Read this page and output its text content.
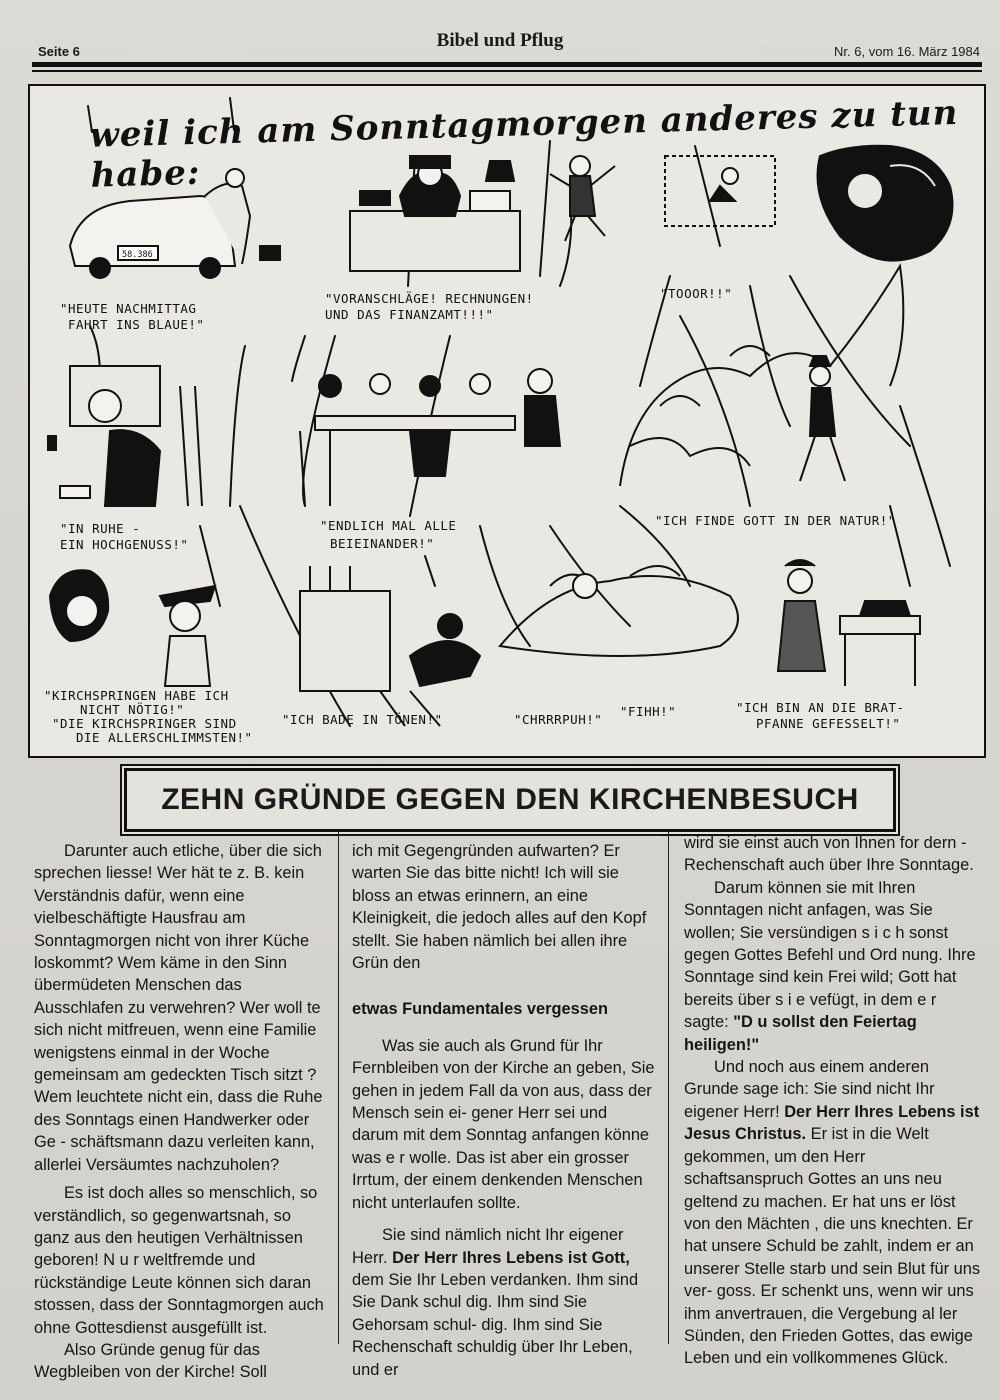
Seite 6
Bibel und Pflug
Nr. 6, vom 16. März 1984
58.386
weil ich am Sonntagmorgen anderes zu tun habe:
"HEUTE NACHMITTAG
FAHRT INS BLAUE!"
"VORANSCHLÄGE! RECHNUNGEN!
UND DAS FINANZAMT!!!"
"TOOOR!!"
"IN RUHE -
EIN HOCHGENUSS!"
"ENDLICH MAL ALLE
BEIEINANDER!"
"ICH FINDE GOTT IN DER NATUR!"
"KIRCHSPRINGEN HABE ICH
NICHT NÖTIG!"
"DIE KIRCHSPRINGER SIND
DIE ALLERSCHLIMMSTEN!"
"ICH BADE IN TÖNEN!"	"CHRRRPUH!"
"FIHH!"	"ICH BIN AN DIE BRAT-
PFANNE GEFESSELT!"
ZEHN GRÜNDE GEGEN DEN KIRCHENBESUCH

Darunter auch etliche, über die sich sprechen liesse! Wer hät te z. B. kein Verständnis dafür, wenn eine vielbeschäftigte Hausfrau am Sonntagmorgen nicht von ihrer Küche loskommt? Wem käme in den Sinn übermüdeten Menschen das Ausschlafen zu verwehren? Wer woll te sich nicht mitfreuen, wenn eine Familie wenigstens einmal in der Woche gemeinsam am gedeckten Tisch sitzt ? Wem leuchtete nicht ein, dass die Ruhe des Sonntags einen Handwerker oder Ge - schäftsmann dazu verleiten kann, allerlei Versäumtes nachzuholen?

Es ist doch alles so menschlich, so verständlich, so gegenwartsnah, so ganz aus den heutigen Verhältnissen geboren! N u r weltfremde und rückständige Leute können sich daran stossen, dass der Sonntagmorgen auch ohne Gottesdienst ausgefüllt ist.

Also Gründe genug für das Wegbleiben von der Kirche! Soll

ich mit Gegengründen aufwarten? Er warten Sie das bitte nicht! Ich will sie bloss an etwas erinnern, an eine Kleinigkeit, die jedoch alles auf den Kopf stellt. Sie haben nämlich bei allen ihre Grün den

etwas Fundamentales vergessen

Was sie auch als Grund für Ihr Fernbleiben von der Kirche an geben, Sie gehen in jedem Fall da von aus, dass der Mensch sein ei- gener Herr sei und darum mit dem Sonntag anfangen könne was e r wolle. Das ist aber ein grosser Irrtum, der einem denkenden Menschen nicht unterlaufen sollte.

Sie sind nämlich nicht Ihr eigener Herr. Der Herr Ihres Lebens ist Gott, dem Sie Ihr Leben verdanken. Ihm sind Sie Dank schul dig. Ihm sind Sie Gehorsam schul- dig. Ihm sind Sie Rechenschaft schuldig über Ihr Leben, und er

wird sie einst auch von Ihnen for dern - Rechenschaft auch über Ihre Sonntage.

Darum können sie mit Ihren Sonntagen nicht anfagen, was Sie wollen; Sie versündigen s i c h sonst gegen Gottes Befehl und Ord nung. Ihre Sonntage sind kein Frei wild; Gott hat bereits über s i e vefügt, in dem e r sagte: "D u sollst den Feiertag heiligen!"

Und noch aus einem anderen Grunde sage ich: Sie sind nicht Ihr eigener Herr! Der Herr Ihres Lebens ist Jesus Christus. Er ist in die Welt gekommen, um den Herr schaftsanspruch Gottes an uns neu geltend zu machen. Er hat uns er löst von den Mächten , die uns knechten. Er hat unsere Schuld be zahlt, indem er an unserer Stelle starb und sein Blut für uns ver- goss. Er schenkt uns, wenn wir uns ihm anvertrauen, die Vergebung al ler Sünden, den Frieden Gottes, das ewige Leben und ein vollkommenes Glück.
